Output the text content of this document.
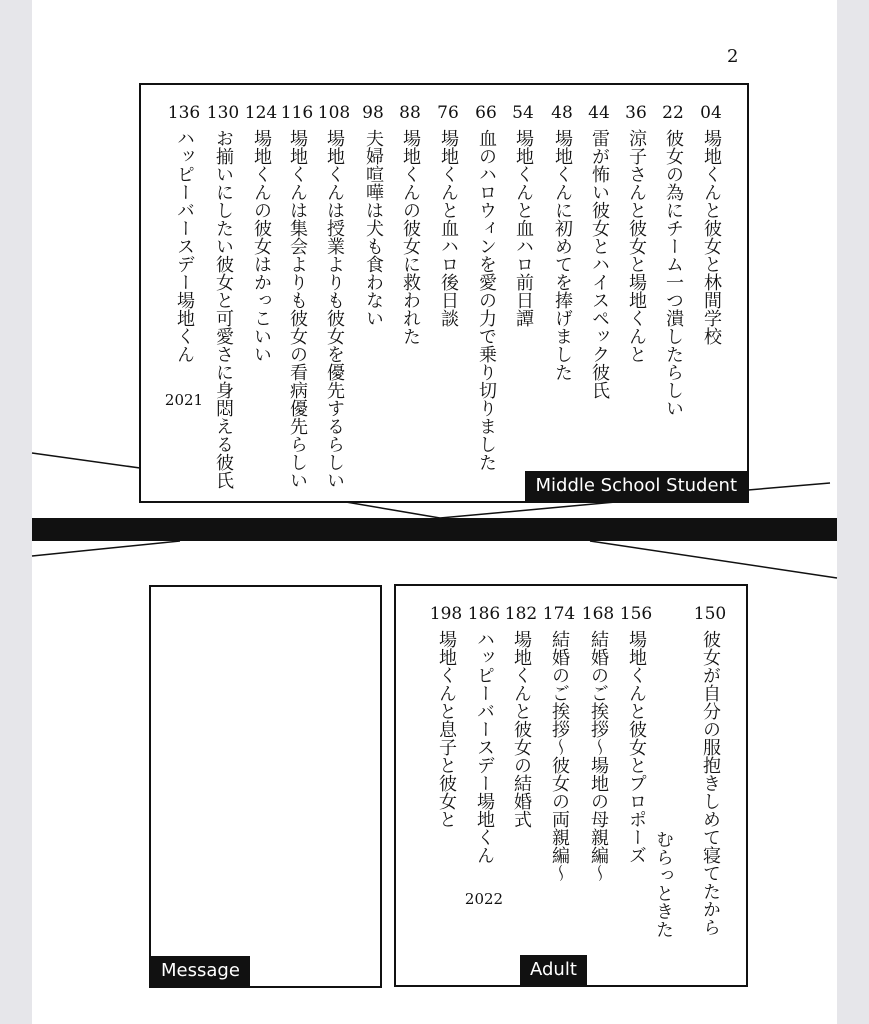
2
04
場地くんと彼女と林間学校
22
彼女の為にチーム一つ潰したらしい
36
涼子さんと彼女と場地くんと
44
雷が怖い彼女とハイスペック彼氏
48
場地くんに初めてを捧げました
54
場地くんと血ハロ前日譚
66
血のハロウィンを愛の力で乗り切りました
76
場地くんと血ハロ後日談
88
場地くんの彼女に救われた
98
夫婦喧嘩は犬も食わない
108
場地くんは授業よりも彼女を優先するらしい
116
場地くんは集会よりも彼女の看病優先らしい
124
場地くんの彼女はかっこいい
130
お揃いにしたい彼女と可愛さに身悶える彼氏
136
ハッピーバースデー場地くん
2021
Middle School Student
Message
150
彼女が自分の服抱きしめて寝てたから
むらっときた
156
場地くんと彼女とプロポーズ
168
結婚のご挨拶〜場地の母親編〜
174
結婚のご挨拶〜彼女の両親編〜
182
場地くんと彼女の結婚式
186
ハッピーバースデー場地くん
2022
198
場地くんと息子と彼女と
Adult
